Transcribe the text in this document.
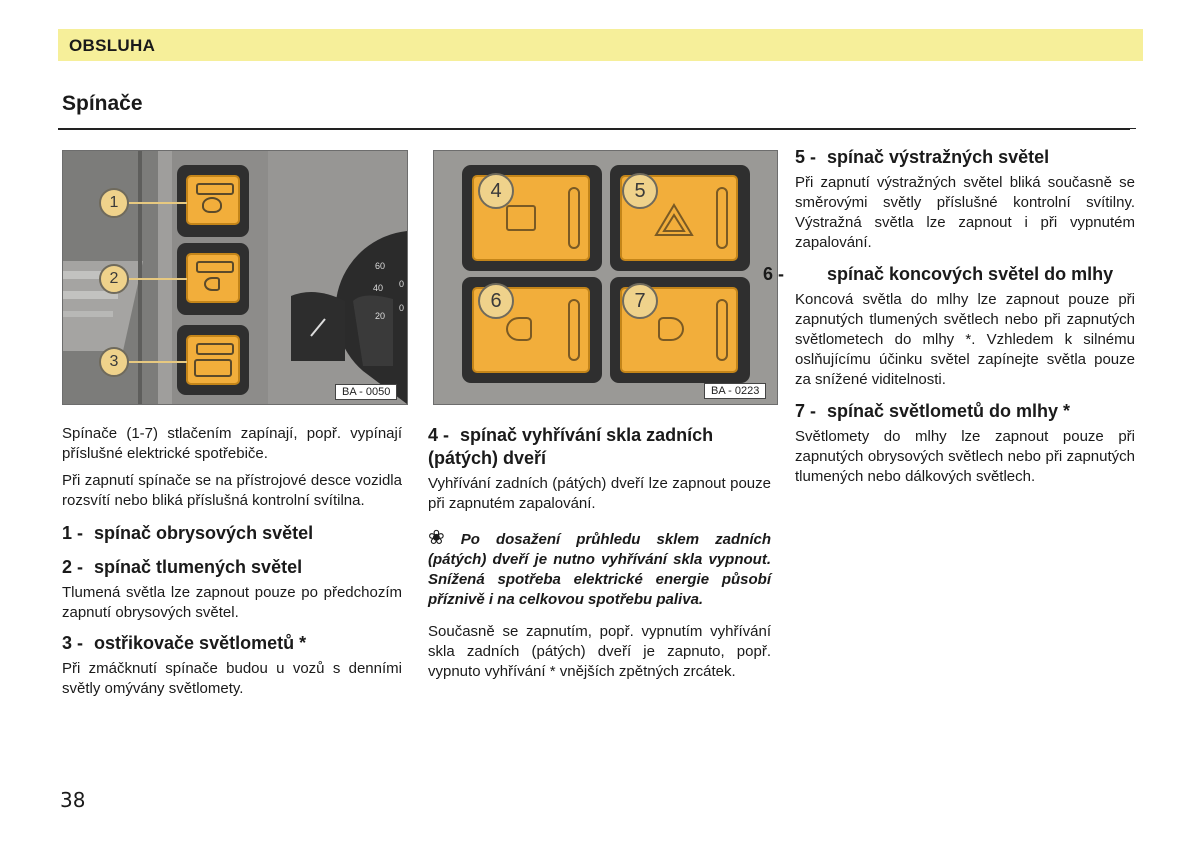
OBSLUHA
Spínače
60
40
20
0
0
1
2
3
BA - 0050
4	5
6	7
BA - 0223

Spínače (1-7) stlačením zapínají, popř. vypínají příslušné elektrické spotřebiče.

Při zapnutí spínače se na přístrojové desce vozidla rozsvítí nebo bliká příslušná kontrolní svítilna.

1 - spínač obrysových světel
2 - spínač tlumených světel

Tlumená světla lze zapnout pouze po předchozím zapnutí obrysových světel.

3 - ostřikovače světlometů *

Při zmáčknutí spínače budou u vozů s denními světly omývány světlomety.

4 - spínač vyhřívání skla zadních (pátých) dveří

Vyhřívání zadních (pátých) dveří lze zapnout pouze při zapnutém zapalování.

❀ Po dosažení průhledu sklem zadních (pátých) dveří je nutno vyhřívání skla vypnout. Snížená spotřeba elektrické energie působí příznivě i na celkovou spotřebu paliva.

Současně se zapnutím, popř. vypnutím vyhřívání skla zadních (pátých) dveří je zapnuto, popř. vypnuto vyhřívání * vnějších zpětných zrcátek.

5 - spínač výstražných světel

Při zapnutí výstražných světel bliká současně se směrovými světly příslušné kontrolní svítilny. Výstražná světla lze zapnout i při vypnutém zapalování.

6 - spínač koncových světel do mlhy

Koncová světla do mlhy lze zapnout pouze při zapnutých tlumených světlech nebo při zapnutých světlometech do mlhy *. Vzhledem k silnému oslňujícímu účinku světel zapínejte světla pouze za snížené viditelnosti.

7 - spínač světlometů do mlhy *

Světlomety do mlhy lze zapnout pouze při zapnutých obrysových světlech nebo při zapnutých tlumených nebo dálkových světlech.

38
